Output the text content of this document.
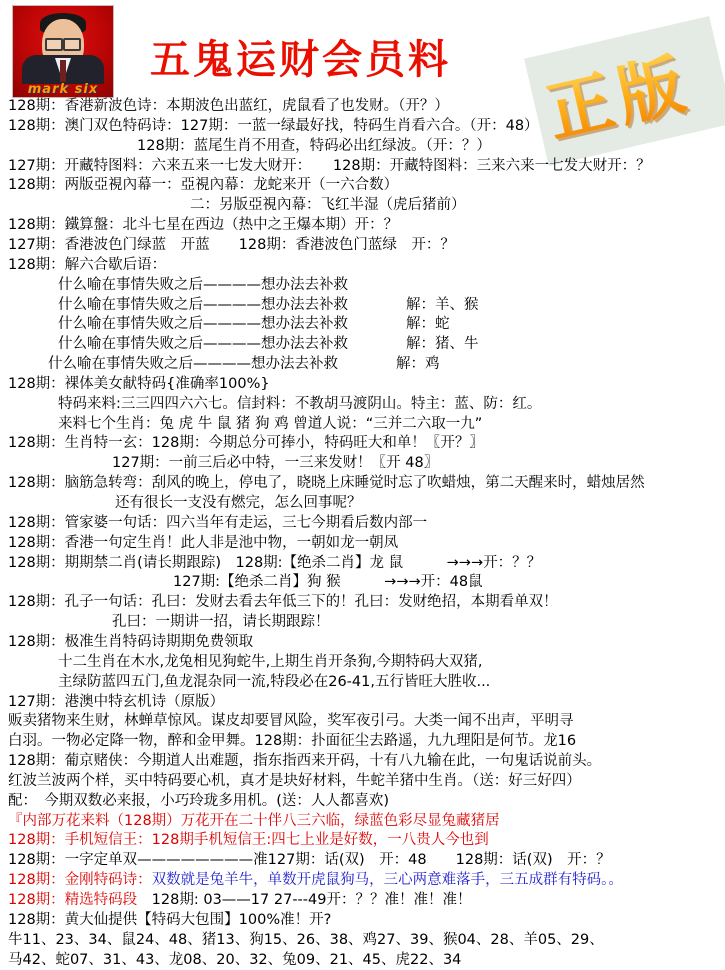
mark six
五鬼运财会员料 正版
128期：香港新波色诗：本期波色出蓝红，虎鼠看了也发财。（开？）
128期：澳门双色特码诗：127期：一蓝一绿最好找，特码生肖看六合。（开：48）
128期：蓝尾生肖不用查，特码必出红绿波。（开：？）
127期：开藏特图料：六来五来一七发大财开：　　128期：开藏特图料：三来六来一七发大财开：？
128期：两版亞視內幕一：亞視內幕：龙蛇来开（一六合数）
二：另版亞視內幕：飞红半湿（虎后猪前）
128期：鐵算盤：北斗七星在西边（热中之王爆本期）开：？
127期：香港波色门绿蓝　开蓝　　128期：香港波色门蓝绿　开：？
128期：解六合歇后语：
什么喻在事情失败之后————想办法去补救
什么喻在事情失败之后————想办法去补救　　　　解：羊、猴
什么喻在事情失败之后————想办法去补救　　　　解：蛇
什么喻在事情失败之后————想办法去补救　　　　解：猪、牛
什么喻在事情失败之后————想办法去补救　　　　解：鸡
128期：裸体美女献特码{准确率100%}
特码来料:三三四四六六七。信封料：不教胡马渡阴山。特主：蓝、防：红。
来料七个生肖：兔 虎 牛 鼠 猪 狗 鸡 曾道人说：“三并二六取一九”
128期：生肖特一玄：128期：今期总分可捧小，特码旺大和单！〖开？〗
127期：一前三后必中特，一三来发财！〖开 48〗
128期：脑筋急转弯：刮风的晚上，停电了，晓晓上床睡觉时忘了吹蜡烛，第二天醒来时，蜡烛居然
还有很长一支没有燃完，怎么回事呢？
128期：管家婆一句话：四六当年有走运，三七今期看后数内部一
128期：香港一句定生肖！此人非是池中物，一朝如龙一朝凤
128期：期期禁二肖(请长期跟踪)　128期:【绝杀二肖】龙 鼠　　　→→→开：？？
127期:【绝杀二肖】狗 猴　　　→→→开：48鼠
128期：孔子一句话：孔曰：发财去看去年低三下的！孔曰：发财绝招，本期看单双！
孔曰：一期讲一招，请长期跟踪！
128期：极准生肖特码诗期期免费领取
十二生肖在木水,龙兔相见狗蛇牛,上期生肖开条狗,今期特码大双猪,
主绿防蓝四五门,鱼龙混杂同一流,特段必在26-41,五行皆旺大胜收...
127期：港澳中特玄机诗（原版）
贩卖猪物来生财，林蝉草惊风。谋皮却要冒风险，奖军夜引弓。大类一闻不出声，平明寻
白羽。一物必定降一物，醉和金甲舞。128期：扑面征尘去路遥，九九理阳是何节。龙16
128期：葡京赌侠：今期道人出难题，指东指西来开码，十有八九输在此，一句鬼话说前头。
红波兰波两个样，买中特码要心机，真才是块好材料，牛蛇羊猪中生肖。（送：好三好四）
配：　今期双数必来报，小巧玲珑多用机。(送：人人都喜欢)
『内部万花来料（128期）万花开在二十伴八三六临，绿蓝色彩尽显兔藏猪居
128期：手机短信王：128期手机短信王:四七上业是好数，一八贵人今也到
128期：一字定单双————————准127期：话(双)　开：48　　128期：话(双)　开：？
128期：金刚特码诗：双数就是兔羊牛，单数开虎鼠狗马，三心两意难落手，三五成群有特码。。
128期：精选特码段　128期: 03——17 27---49开：？？准！准！准！
128期：黄大仙提供【特码大包围】100%准！开?
牛11、23、34、鼠24、48、猪13、狗15、26、38、鸡27、39、猴04、28、羊05、29、
马42、蛇07、31、43、龙08、20、32、兔09、21、45、虎22、34
